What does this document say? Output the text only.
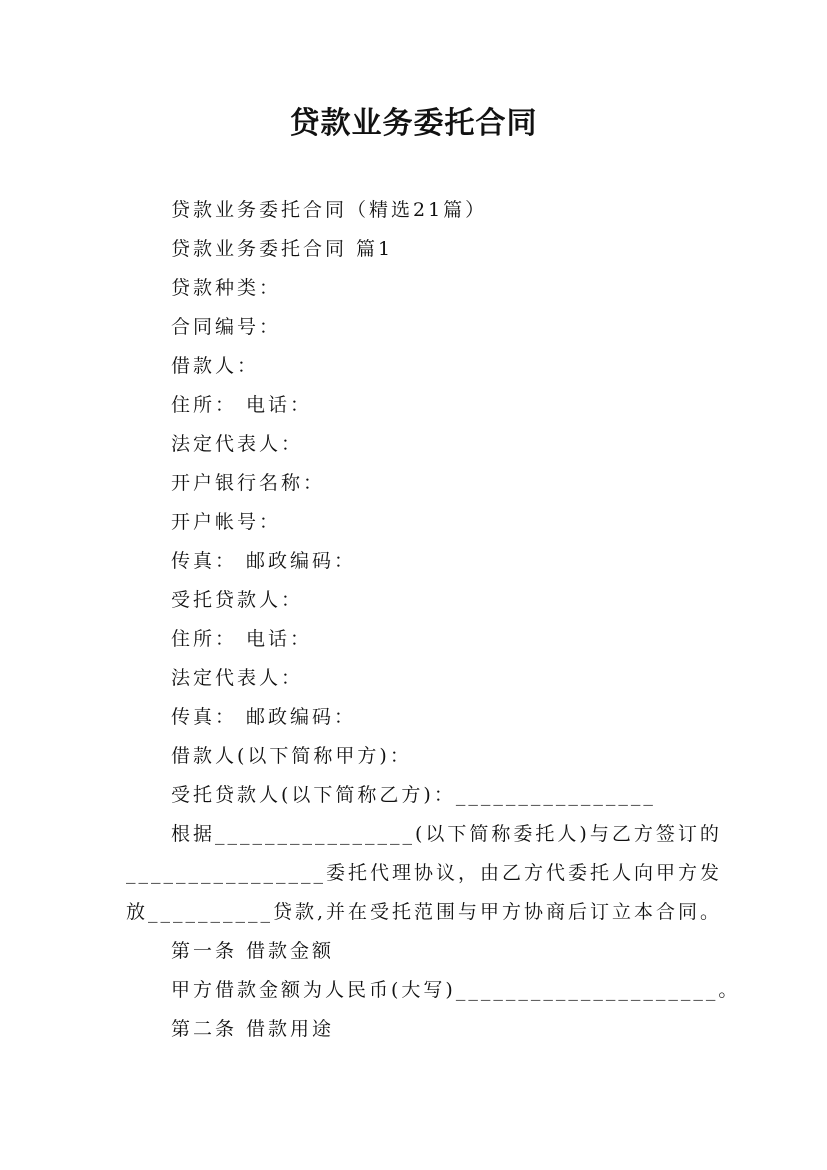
贷款业务委托合同
贷款业务委托合同（精选21篇）
贷款业务委托合同 篇1
贷款种类：
合同编号：
借款人：
住所： 电话：
法定代表人：
开户银行名称：
开户帐号：
传真： 邮政编码：
受托贷款人：
住所： 电话：
法定代表人：
传真： 邮政编码：
借款人(以下简称甲方)：
受托贷款人(以下简称乙方)：________________
根据________________(以下简称委托人)与乙方签订的
________________委托代理协议，由乙方代委托人向甲方发
放__________贷款,并在受托范围与甲方协商后订立本合同。
第一条 借款金额
甲方借款金额为人民币(大写)_____________________。
第二条 借款用途
